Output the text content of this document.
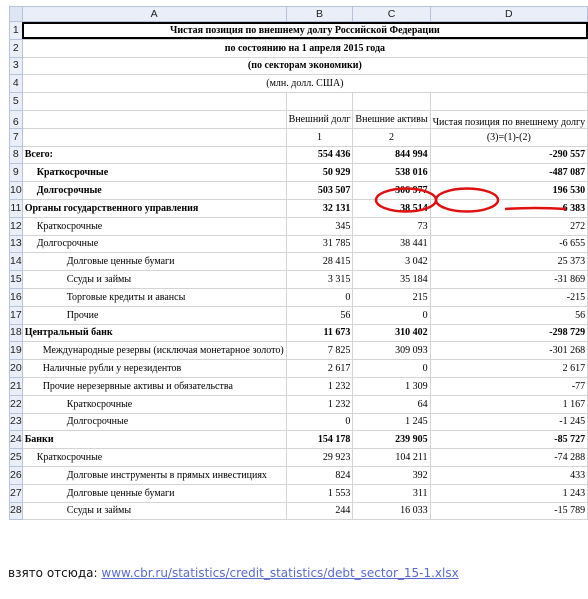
	A	B	C	D
1	Чистая позиция по внешнему долгу Российской Федерации			
2	по состоянию на 1 апреля 2015 года			
3	(по секторам экономики)			
4	(млн. долл. США)			
5				
6		Внешний долг	Внешние активы	Чистая позиция по внешнему долгу
7		1	2	(3)=(1)-(2)
8	Всего:	554 436	844 994	-290 557
9	Краткосрочные	50 929	538 016	-487 087
10	Долгосрочные	503 507	306 977	196 530
11	Органы государственного управления	32 131	38 514	-6 383
12	Краткосрочные	345	73	272
13	Долгосрочные	31 785	38 441	-6 655
14	Долговые ценные бумаги	28 415	3 042	25 373
15	Ссуды и займы	3 315	35 184	-31 869
16	Торговые кредиты и авансы	0	215	-215
17	Прочие	56	0	56
18	Центральный банк	11 673	310 402	-298 729
19	Международные резервы (исключая монетарное золото)	7 825	309 093	-301 268
20	Наличные рубли у нерезидентов	2 617	0	2 617
21	Прочие нерезервные активы и обязательства	1 232	1 309	-77
22	Краткосрочные	1 232	64	1 167
23	Долгосрочные	0	1 245	-1 245
24	Банки	154 178	239 905	-85 727
25	Краткосрочные	29 923	104 211	-74 288
26	Долговые инструменты в прямых инвестициях	824	392	433
27	Долговые ценные бумаги	1 553	311	1 243
28	Ссуды и займы	244	16 033	-15 789
взято отсюда: www.cbr.ru/statistics/credit_statistics/debt_sector_15-1.xlsx
